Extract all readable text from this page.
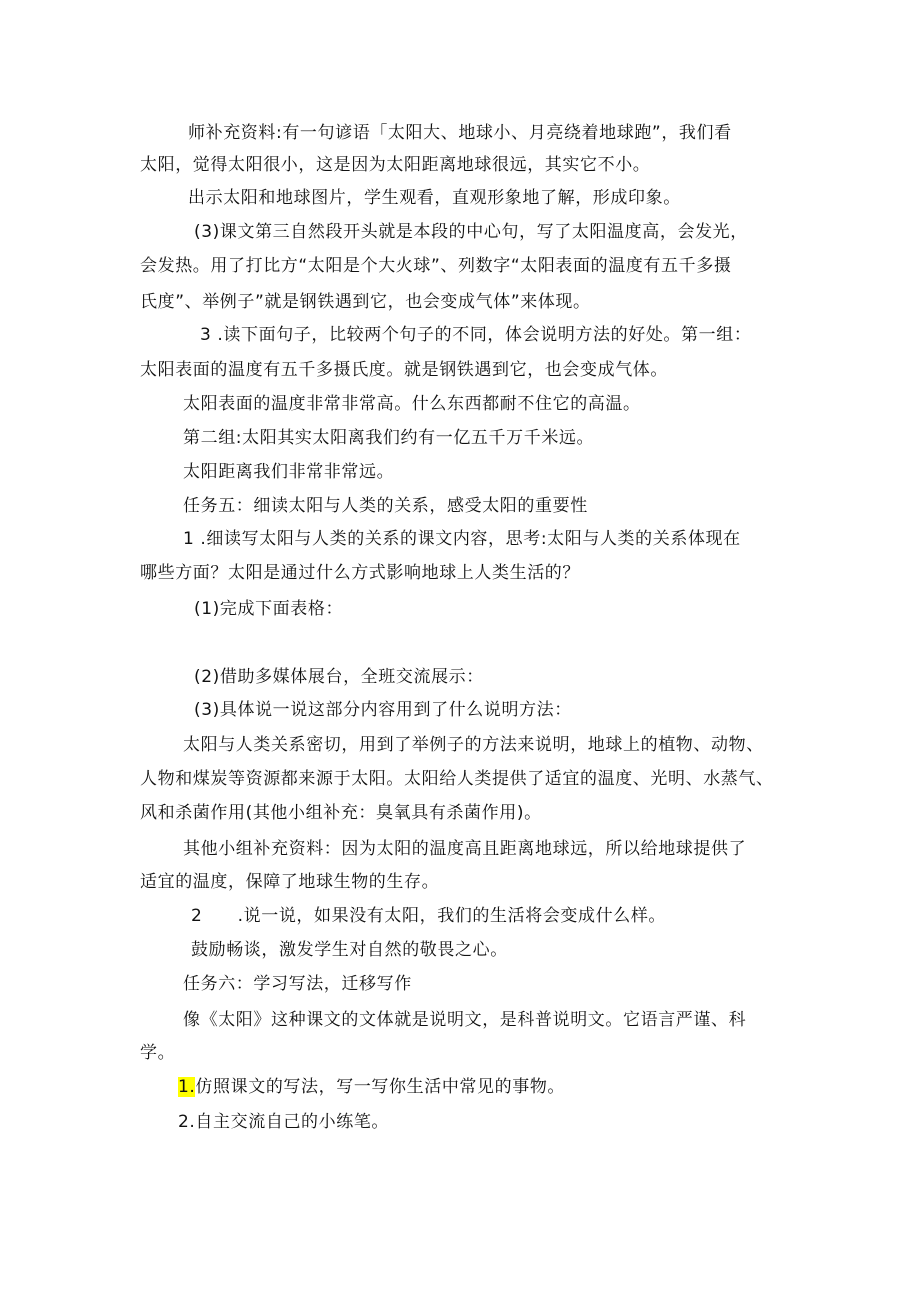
师补充资料:有一句谚语「太阳大、地球小、月亮绕着地球跑”，我们看
太阳，觉得太阳很小，这是因为太阳距离地球很远，其实它不小。
出示太阳和地球图片，学生观看，直观形象地了解，形成印象。
(3)课文第三自然段开头就是本段的中心句，写了太阳温度高，会发光，
会发热。用了打比方“太阳是个大火球”、列数字“太阳表面的温度有五千多摄
氏度”、举例子”就是钢铁遇到它，也会变成气体”来体现。
3 .读下面句子，比较两个句子的不同，体会说明方法的好处。第一组：
太阳表面的温度有五千多摄氏度。就是钢铁遇到它，也会变成气体。
太阳表面的温度非常非常高。什么东西都耐不住它的高温。
第二组:太阳其实太阳离我们约有一亿五千万千米远。
太阳距离我们非常非常远。
任务五：细读太阳与人类的关系，感受太阳的重要性
1 .细读写太阳与人类的关系的课文内容，思考:太阳与人类的关系体现在
哪些方面？太阳是通过什么方式影响地球上人类生活的？
(1)完成下面表格：
(2)借助多媒体展台，全班交流展示：
(3)具体说一说这部分内容用到了什么说明方法：
太阳与人类关系密切，用到了举例子的方法来说明，地球上的植物、动物、
人物和煤炭等资源都来源于太阳。太阳给人类提供了适宜的温度、光明、水蒸气、
风和杀菌作用(其他小组补充：臭氧具有杀菌作用)。
其他小组补充资料：因为太阳的温度高且距离地球远，所以给地球提供了
适宜的温度，保障了地球生物的生存。
2　　.说一说，如果没有太阳，我们的生活将会变成什么样。
鼓励畅谈，激发学生对自然的敬畏之心。
任务六：学习写法，迁移写作
像《太阳》这种课文的文体就是说明文，是科普说明文。它语言严谨、科
学。
1.仿照课文的写法，写一写你生活中常见的事物。
2.自主交流自己的小练笔。
